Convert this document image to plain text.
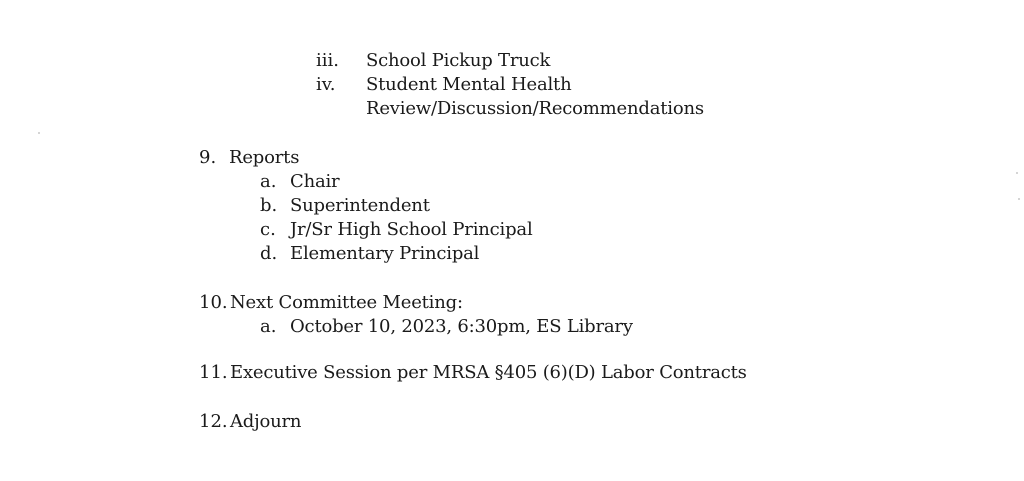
iii. School Pickup Truck
iv. Student Mental Health
Review/Discussion/Recommendations
9. Reports
a. Chair
b. Superintendent
c. Jr/Sr High School Principal
d. Elementary Principal
10. Next Committee Meeting:
a. October 10, 2023, 6:30pm, ES Library
11. Executive Session per MRSA §405 (6)(D) Labor Contracts
12. Adjourn
